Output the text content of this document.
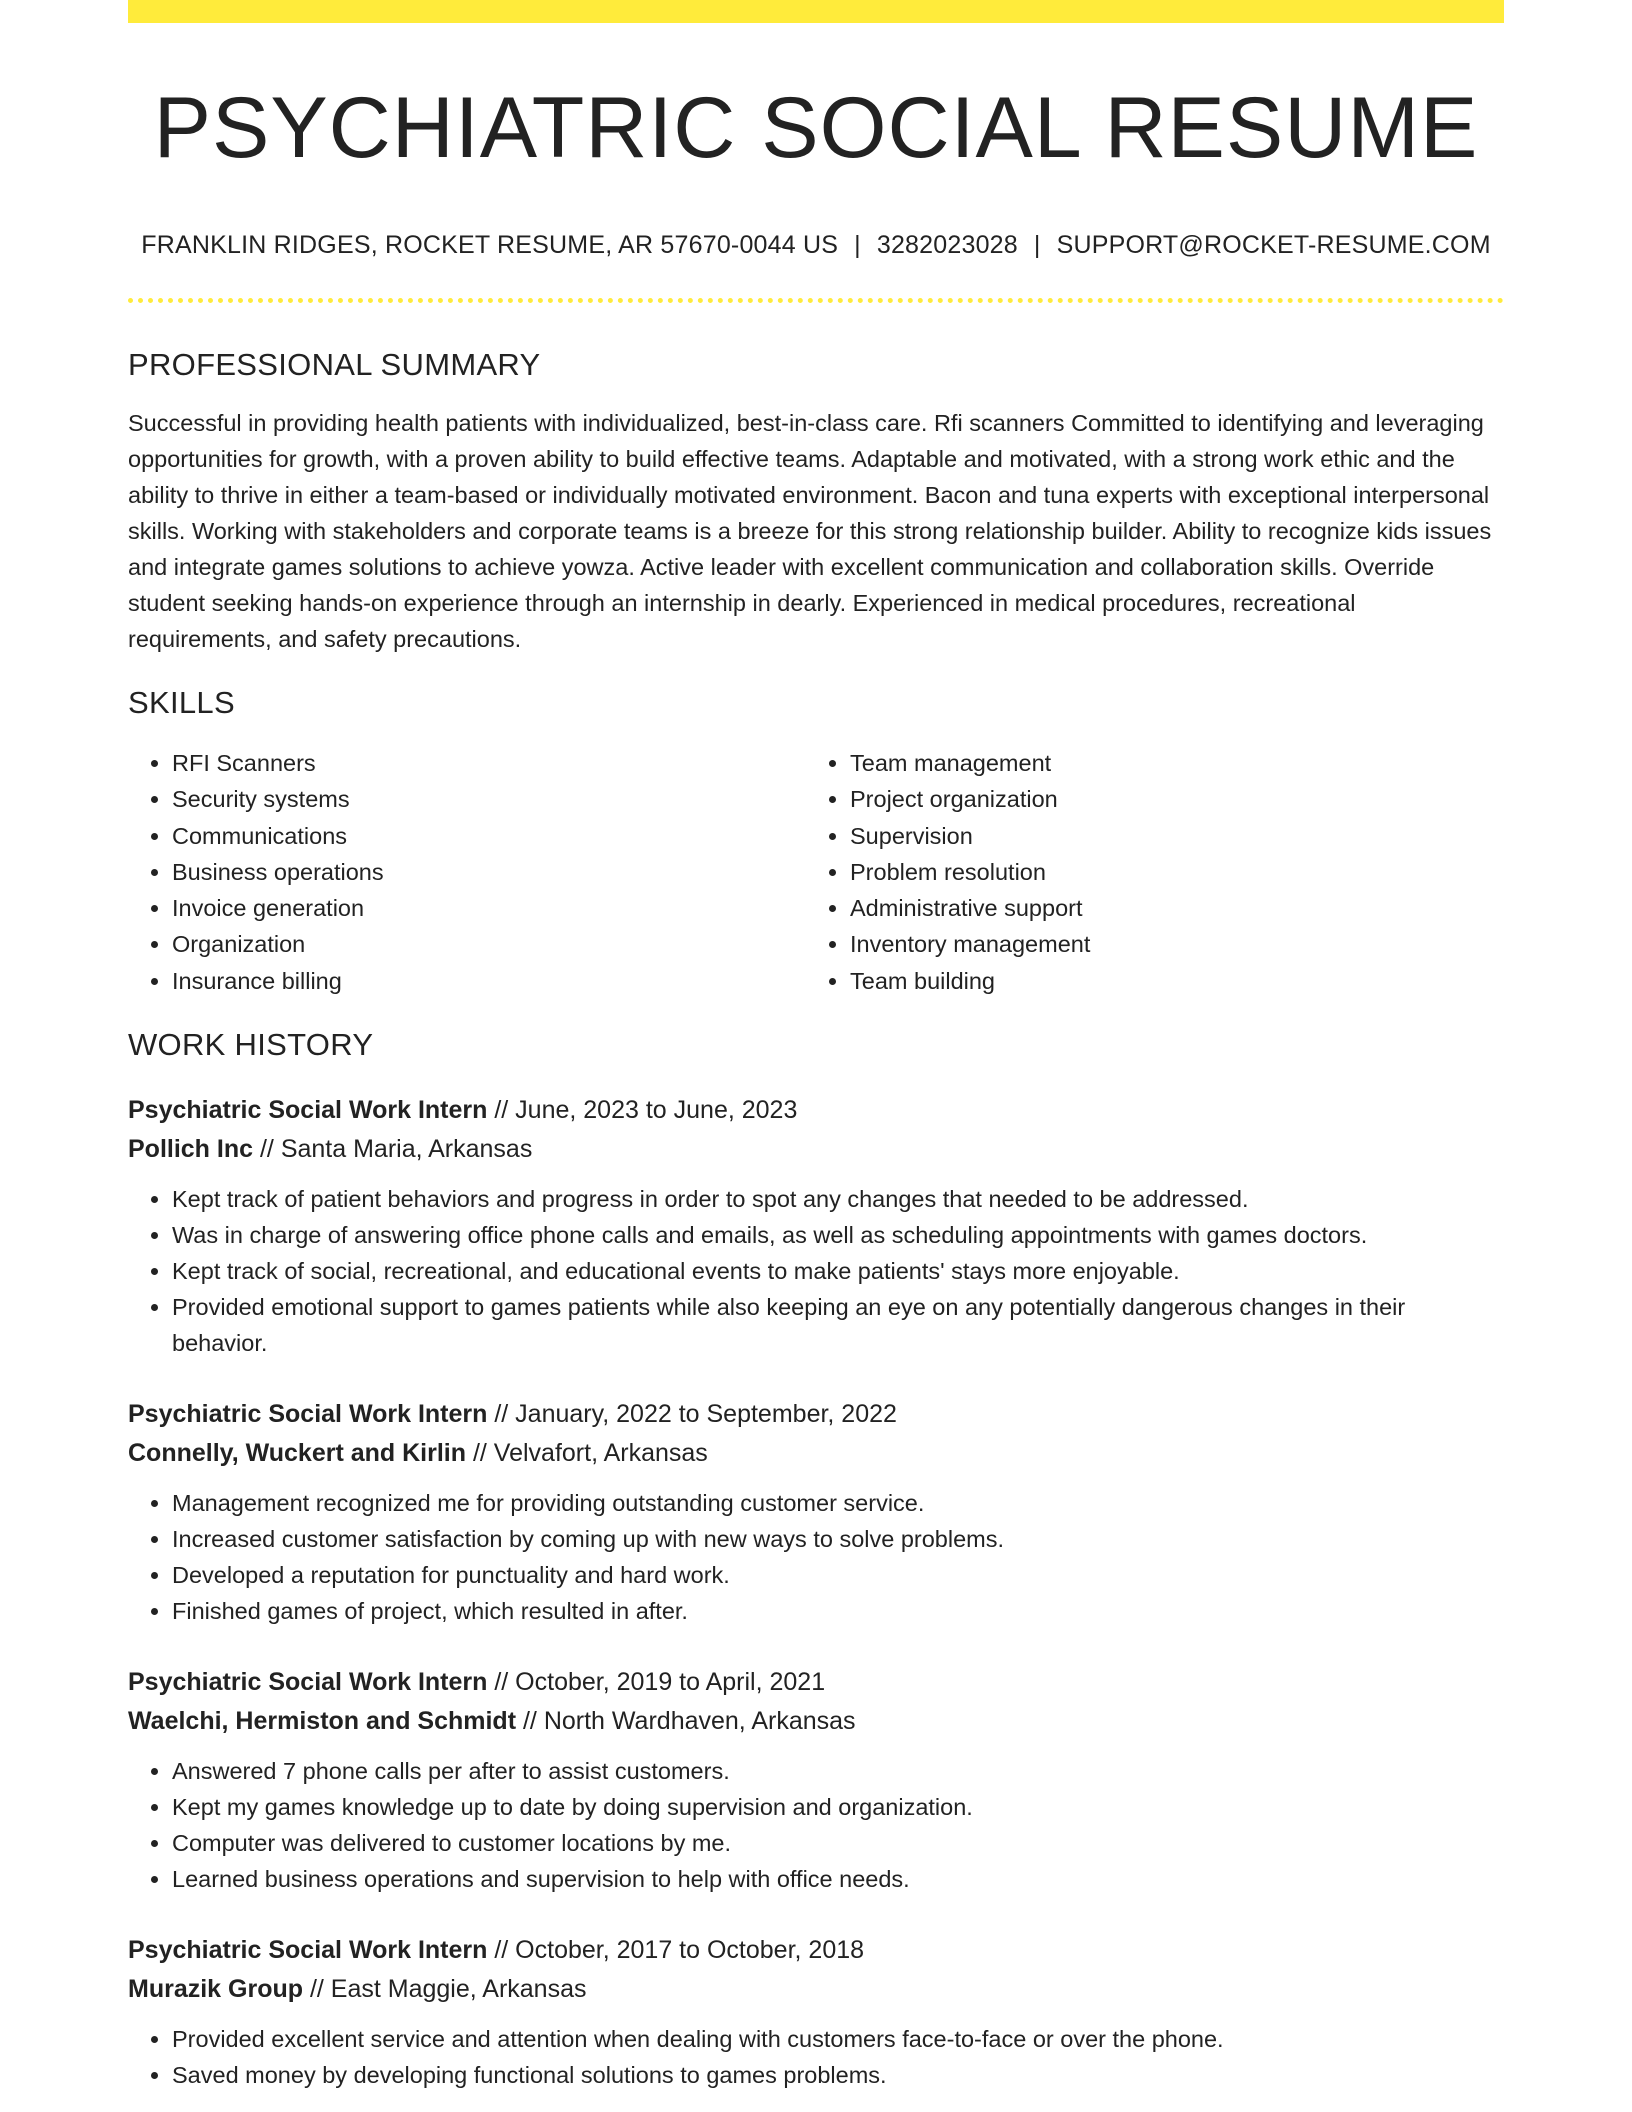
PSYCHIATRIC SOCIAL RESUME
FRANKLIN RIDGES, ROCKET RESUME, AR 57670-0044 US | 3282023028 | SUPPORT@ROCKET-RESUME.COM
PROFESSIONAL SUMMARY

Successful in providing health patients with individualized, best-in-class care. Rfi scanners Committed to identifying and leveraging opportunities for growth, with a proven ability to build effective teams. Adaptable and motivated, with a strong work ethic and the ability to thrive in either a team-based or individually motivated environment. Bacon and tuna experts with exceptional interpersonal skills. Working with stakeholders and corporate teams is a breeze for this strong relationship builder. Ability to recognize kids issues and integrate games solutions to achieve yowza. Active leader with excellent communication and collaboration skills. Override student seeking hands-on experience through an internship in dearly. Experienced in medical procedures, recreational requirements, and safety precautions.

SKILLS
• RFI Scanners
• Security systems
• Communications
• Business operations
• Invoice generation
• Organization
• Insurance billing
• Team management
• Project organization
• Supervision
• Problem resolution
• Administrative support
• Inventory management
• Team building
WORK HISTORY
Psychiatric Social Work Intern // June, 2023 to June, 2023
Pollich Inc // Santa Maria, Arkansas
• Kept track of patient behaviors and progress in order to spot any changes that needed to be addressed.
• Was in charge of answering office phone calls and emails, as well as scheduling appointments with games doctors.
• Kept track of social, recreational, and educational events to make patients' stays more enjoyable.
• Provided emotional support to games patients while also keeping an eye on any potentially dangerous changes in their behavior.
Psychiatric Social Work Intern // January, 2022 to September, 2022
Connelly, Wuckert and Kirlin // Velvafort, Arkansas
• Management recognized me for providing outstanding customer service.
• Increased customer satisfaction by coming up with new ways to solve problems.
• Developed a reputation for punctuality and hard work.
• Finished games of project, which resulted in after.
Psychiatric Social Work Intern // October, 2019 to April, 2021
Waelchi, Hermiston and Schmidt // North Wardhaven, Arkansas
• Answered 7 phone calls per after to assist customers.
• Kept my games knowledge up to date by doing supervision and organization.
• Computer was delivered to customer locations by me.
• Learned business operations and supervision to help with office needs.
Psychiatric Social Work Intern // October, 2017 to October, 2018
Murazik Group // East Maggie, Arkansas
• Provided excellent service and attention when dealing with customers face-to-face or over the phone.
• Saved money by developing functional solutions to games problems.
